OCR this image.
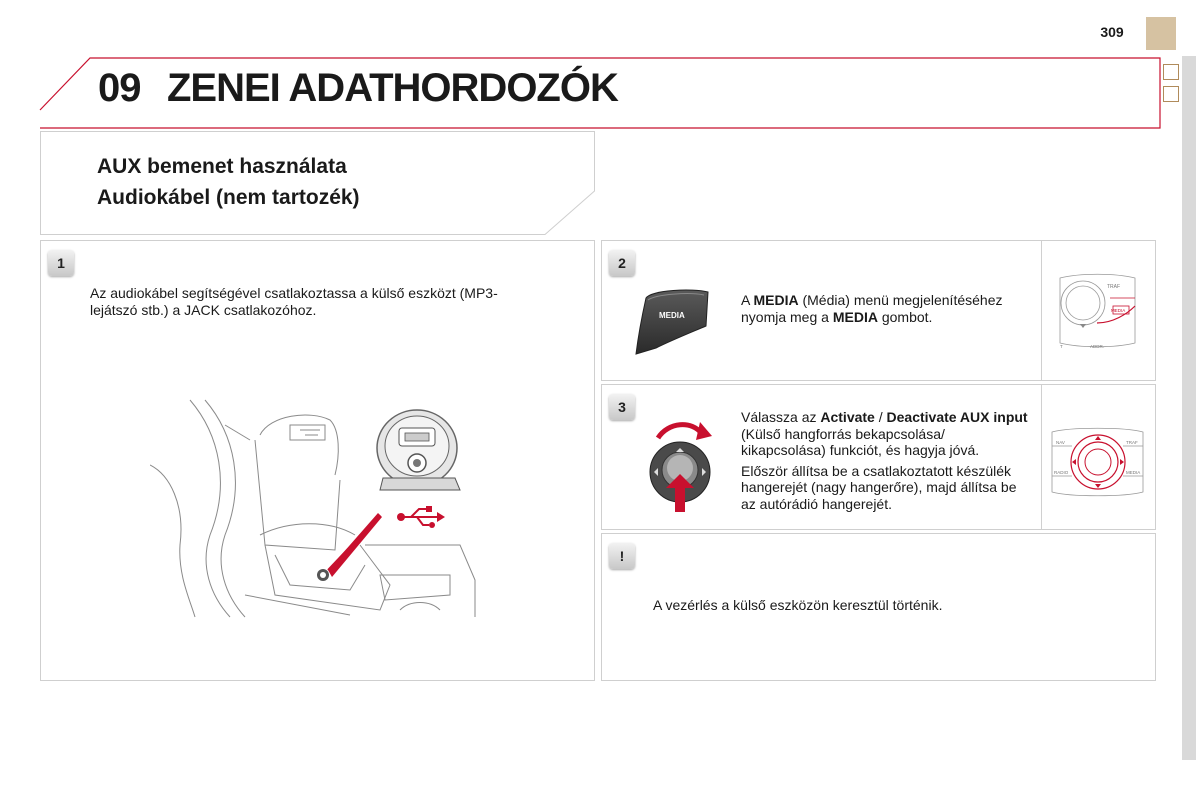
09 ZENEI ADATHORDOZÓK
309
AUX bemenet használata
Audiokábel (nem tartozék)
1
Az audiokábel segítségével csatlakoztassa a külső eszközt (MP3-lejátszó stb.) a JACK csatlakozóhoz.
2
MEDIA
A MEDIA (Média) menü megjelenítéséhez nyomja meg a MEDIA gombot.
TRAF
MEDIA
ADDR.
T
3
Válassza az Activate / Deactivate AUX input (Külső hangforrás bekapcsolása/ kikapcsolása) funkciót, és hagyja jóvá.
Először állítsa be a csatlakoztatott készülék hangerejét (nagy hangerőre), majd állítsa be az autórádió hangerejét.
NAV	TRAF
RADIO	MEDIA
!
A vezérlés a külső eszközön keresztül történik.
